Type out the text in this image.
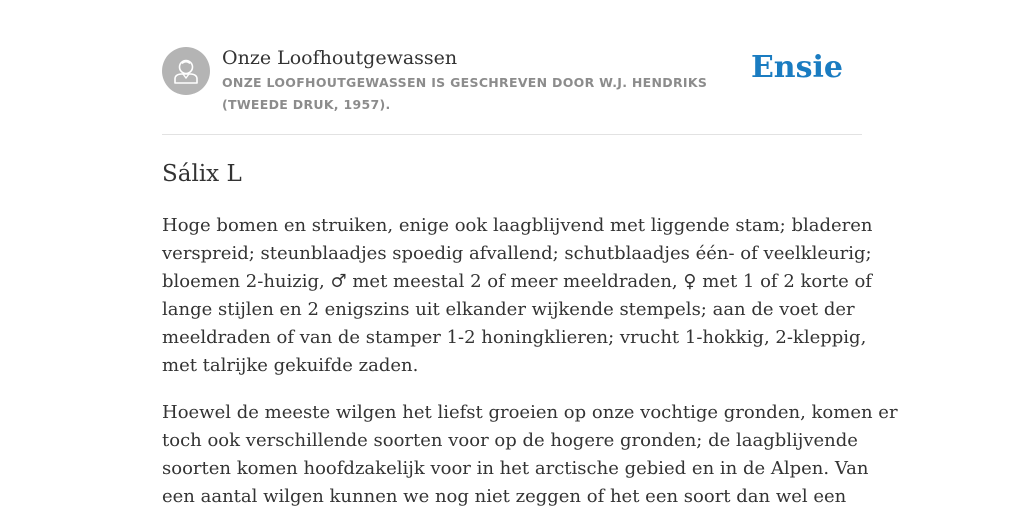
Onze Loofhoutgewassen
ONZE LOOFHOUTGEWASSEN IS GESCHREVEN DOOR W.J. HENDRIKS (TWEEDE DRUK, 1957).
Ensie
Sálix L

Hoge bomen en struiken, enige ook laagblijvend met liggende stam; bladeren
verspreid; steunblaadjes spoedig afvallend; schutblaadjes één- of veelkleurig;
bloemen 2-huizig, ♂ met meestal 2 of meer meeldraden, ♀ met 1 of 2 korte of
lange stijlen en 2 enigszins uit elkander wijkende stempels; aan de voet der
meeldraden of van de stamper 1-2 honingklieren; vrucht 1-hokkig, 2-kleppig,
met talrijke gekuifde zaden.

Hoewel de meeste wilgen het liefst groeien op onze vochtige gronden, komen er
toch ook verschillende soorten voor op de hogere gronden; de laagblijvende
soorten komen hoofdzakelijk voor in het arctische gebied en in de Alpen. Van
een aantal wilgen kunnen we nog niet zeggen of het een soort dan wel een
